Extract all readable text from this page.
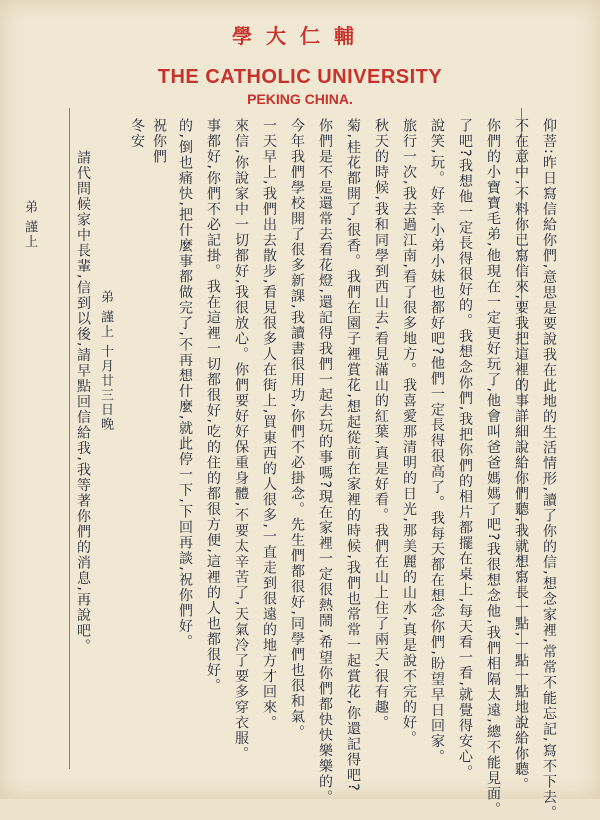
學大仁輔
THE CATHOLIC UNIVERSITY
PEKING CHINA.
仰菩:昨日寫信給你們,意思是要說我在此地的生活情形,讀了你的信,想念家裡,常常不能忘記,寫不下去。
不在意中,不料你已寫信來,要我把這裡的事詳細說給你們聽,我就想寫長一點,一點一點地說給你聽。
你們的小寶寶毛弟,他現在一定更好玩了,他會叫爸爸媽媽了吧?我很想念他,我們相隔太遠,總不能見面。
了吧?我想他一定長得很好的。我想念你們,我把你們的相片都擺在桌上,每天看一看,就覺得安心。
說笑,玩。好幸,小弟小妹也都好吧?他們一定長得很高了。我每天都在想念你們,盼望早日回家。
旅行一次,我去過江南,看了很多地方。我喜愛那清明的日光,那美麗的山水,真是說不完的好。
秋天的時候,我和同學到西山去,看見滿山的紅葉,真是好看。我們在山上住了兩天,很有趣。
菊,桂花都開了,很香。我們在園子裡賞花,想起從前在家裡的時候,我們也常常一起賞花,你還記得吧?
你們是不是還常去看花燈,還記得我們一起去玩的事嗎?現在家裡一定很熱鬧,希望你們都快快樂樂的。
今年我們學校開了很多新課,我讀書很用功,你們不必掛念。先生們都很好,同學們也很和氣。
一天早上,我們出去散步,看見很多人在街上,買東西的人很多,一直走到很遠的地方才回來。
來信,你說家中一切都好,我很放心。你們要好好保重身體,不要太辛苦了,天氣冷了要多穿衣服。
事都好,你們不必記掛。我在這裡一切都很好,吃的住的都很方便,這裡的人也都很好。
的,倒也痛快,把什麼事都做完了,不再想什麼,就此停一下,下回再談,祝你們好。
祝你們
冬安
弟 謹上 十月廿三日晚
請代問候家中長輩,信到以後,請早點回信給我,我等著你們的消息,再說吧。
弟 謹上
